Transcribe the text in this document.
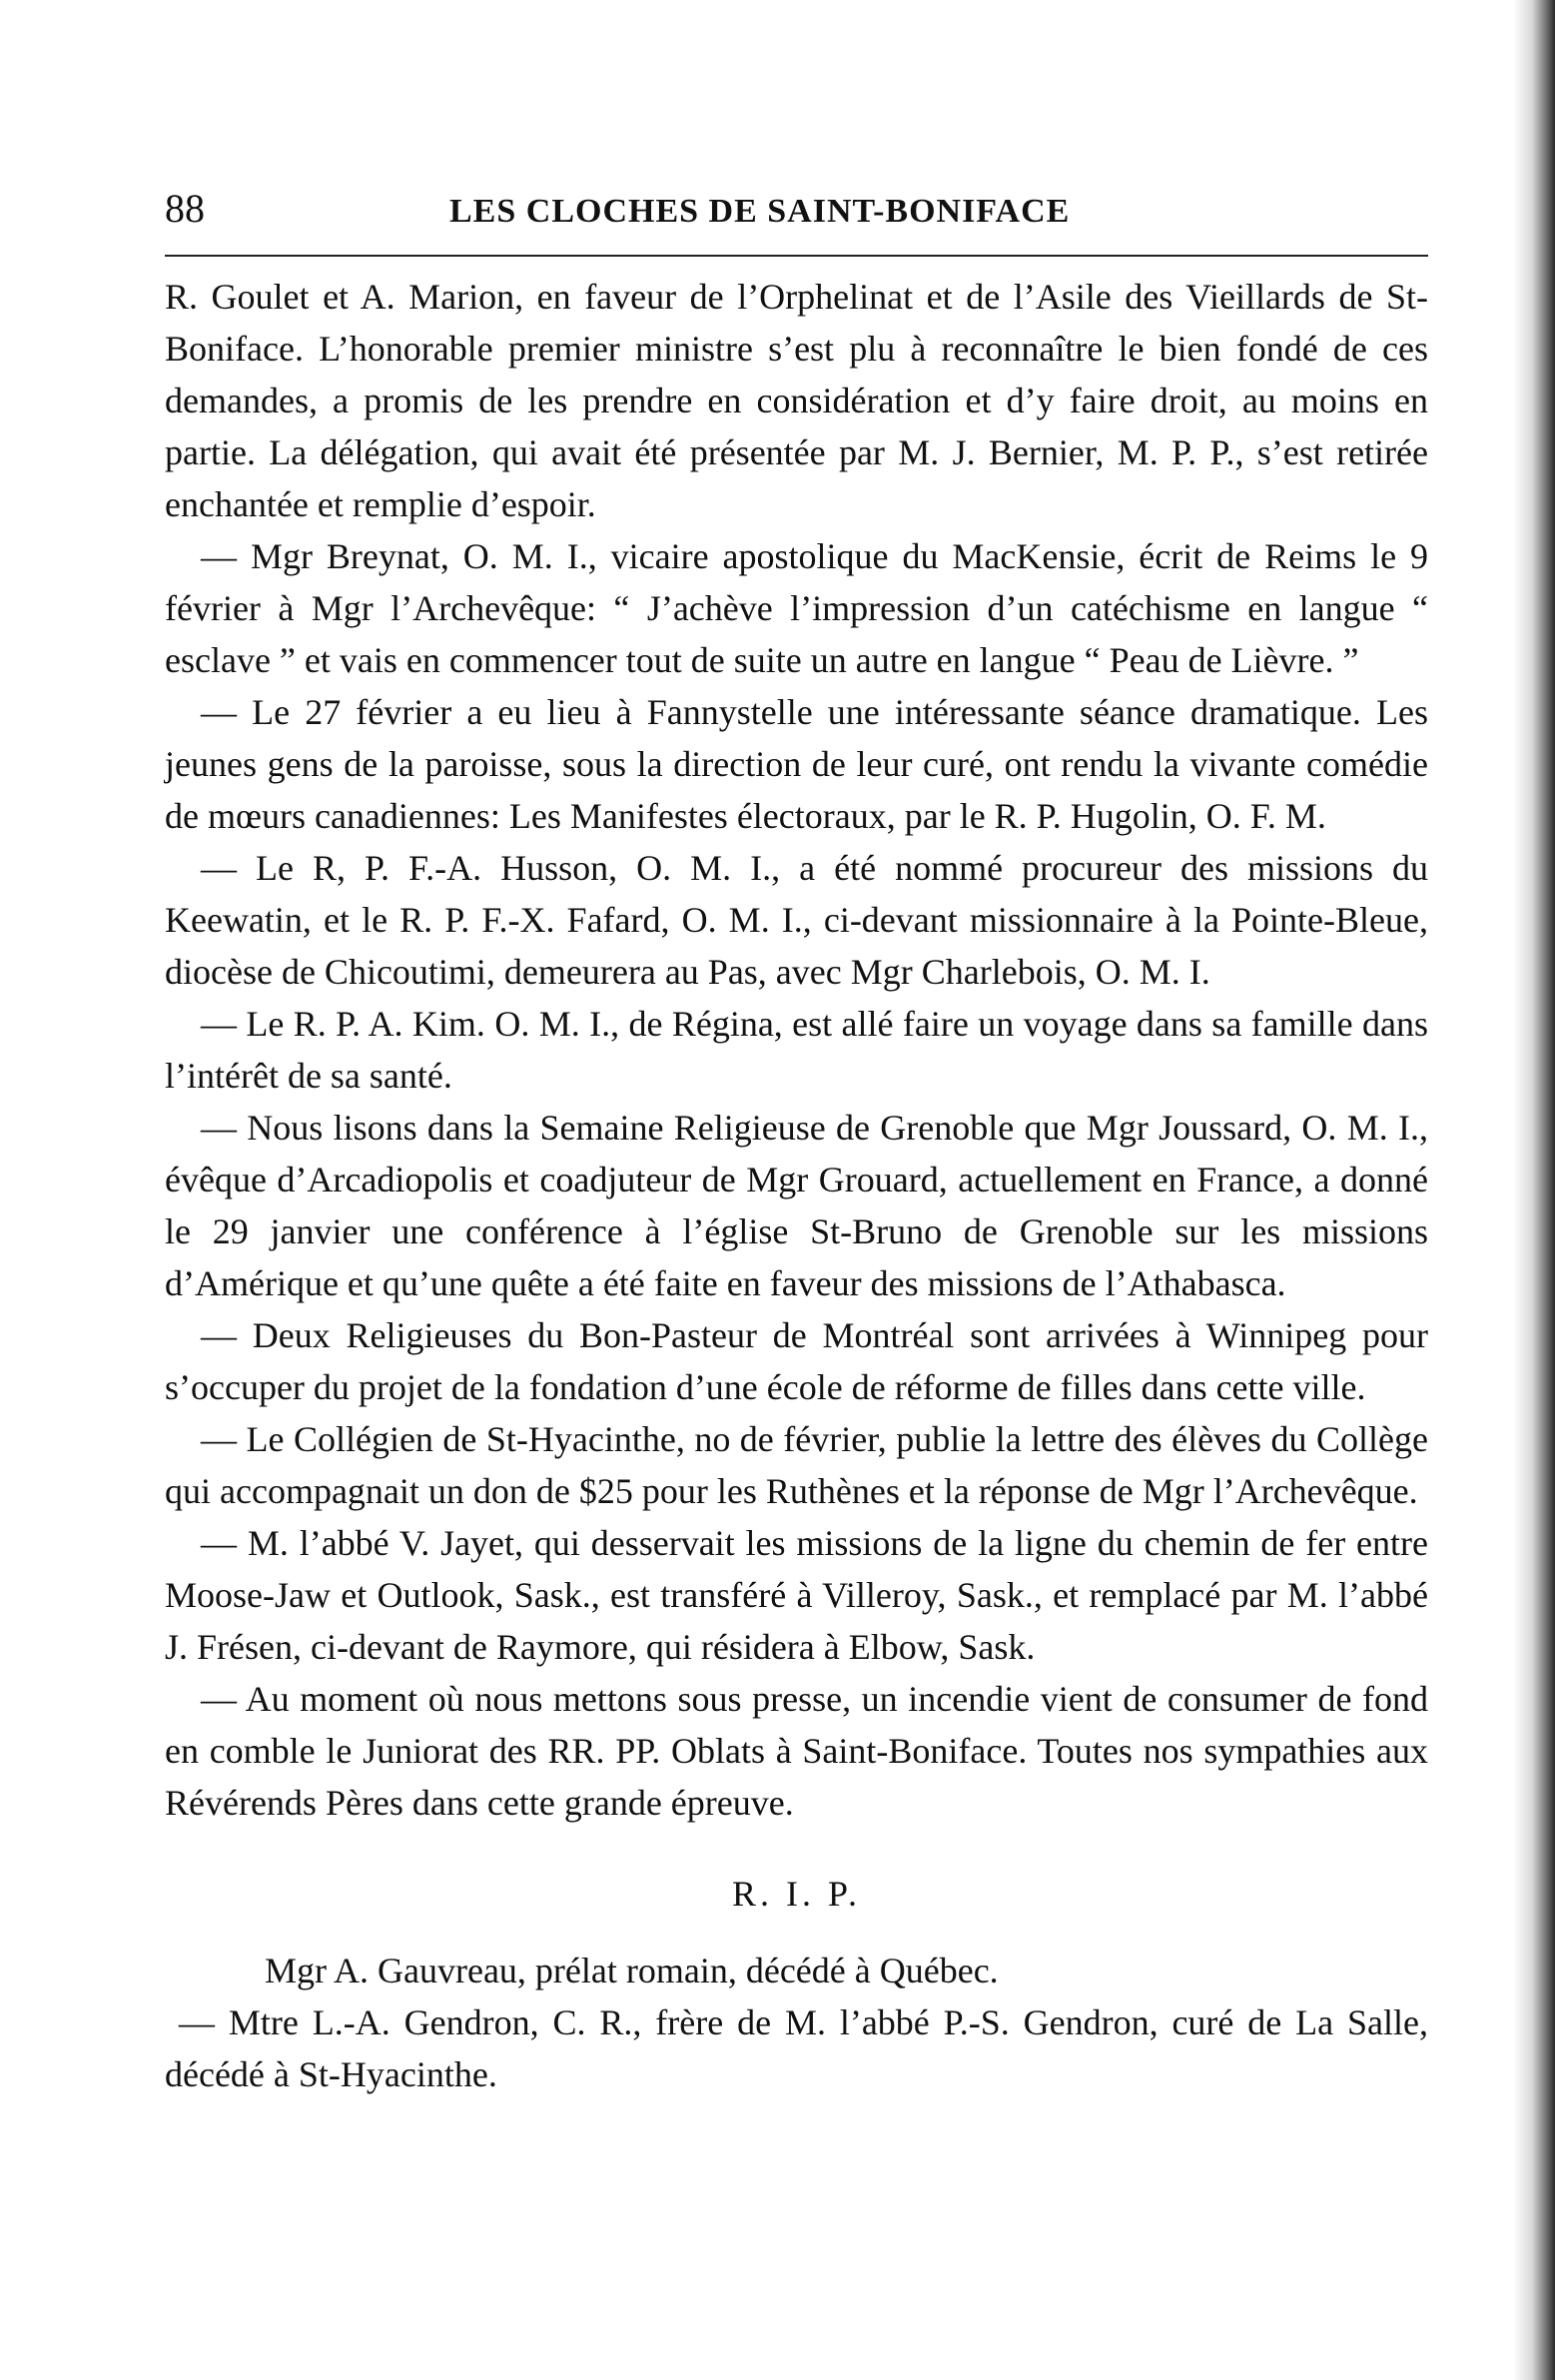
88	LES CLOCHES DE SAINT-BONIFACE

R. Goulet et A. Marion, en faveur de l’Orphelinat et de l’Asile des Vieillards de St-Boniface. L’honorable premier ministre s’est plu à reconnaître le bien fondé de ces demandes, a promis de les prendre en considération et d’y faire droit, au moins en partie. La délégation, qui avait été présentée par M. J. Bernier, M. P. P., s’est retirée enchantée et remplie d’espoir.

— Mgr Breynat, O. M. I., vicaire apostolique du MacKensie, écrit de Reims le 9 février à Mgr l’Archevêque: “ J’achève l’impression d’un catéchisme en langue “ esclave ” et vais en commencer tout de suite un autre en langue “ Peau de Lièvre. ”

— Le 27 février a eu lieu à Fannystelle une intéressante séance dramatique. Les jeunes gens de la paroisse, sous la direction de leur curé, ont rendu la vivante comédie de mœurs canadiennes: Les Manifestes électoraux, par le R. P. Hugolin, O. F. M.

— Le R, P. F.-A. Husson, O. M. I., a été nommé procureur des missions du Keewatin, et le R. P. F.-X. Fafard, O. M. I., ci-devant missionnaire à la Pointe-Bleue, diocèse de Chicoutimi, demeurera au Pas, avec Mgr Charlebois, O. M. I.

— Le R. P. A. Kim. O. M. I., de Régina, est allé faire un voyage dans sa famille dans l’intérêt de sa santé.

— Nous lisons dans la Semaine Religieuse de Grenoble que Mgr Joussard, O. M. I., évêque d’Arcadiopolis et coadjuteur de Mgr Grouard, actuellement en France, a donné le 29 janvier une conférence à l’église St-Bruno de Grenoble sur les missions d’Amérique et qu’une quête a été faite en faveur des missions de l’Athabasca.

— Deux Religieuses du Bon-Pasteur de Montréal sont arrivées à Winnipeg pour s’occuper du projet de la fondation d’une école de réforme de filles dans cette ville.

— Le Collégien de St-Hyacinthe, no de février, publie la lettre des élèves du Collège qui accompagnait un don de $25 pour les Ruthènes et la réponse de Mgr l’Archevêque.

— M. l’abbé V. Jayet, qui desservait les missions de la ligne du chemin de fer entre Moose-Jaw et Outlook, Sask., est transféré à Villeroy, Sask., et remplacé par M. l’abbé J. Frésen, ci-devant de Raymore, qui résidera à Elbow, Sask.

— Au moment où nous mettons sous presse, un incendie vient de consumer de fond en comble le Juniorat des RR. PP. Oblats à Saint-Boniface. Toutes nos sympathies aux Révérends Pères dans cette grande épreuve.

R. I. P.

Mgr A. Gauvreau, prélat romain, décédé à Québec.

— Mtre L.-A. Gendron, C. R., frère de M. l’abbé P.-S. Gendron, curé de La Salle, décédé à St-Hyacinthe.
